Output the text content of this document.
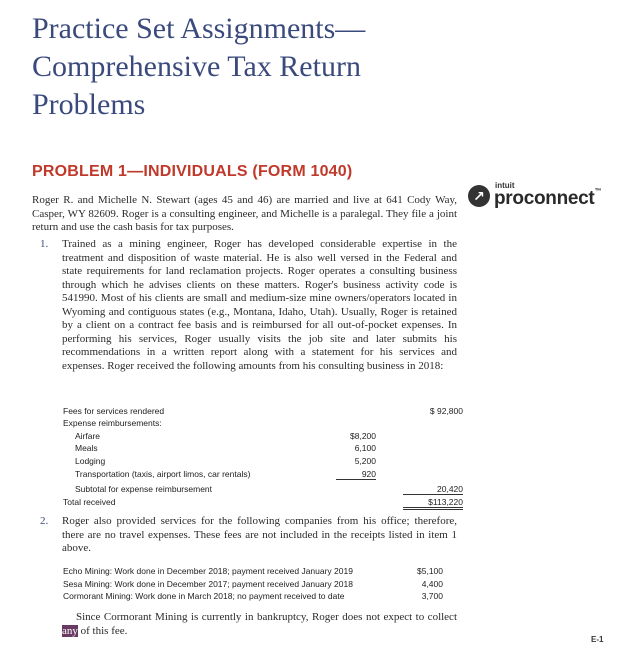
Practice Set Assignments—
Comprehensive Tax Return
Problems
PROBLEM 1—INDIVIDUALS (FORM 1040)
↗
intuit
proconnect™
Roger R. and Michelle N. Stewart (ages 45 and 46) are married and live at 641 Cody Way, Casper, WY 82609. Roger is a consulting engineer, and Michelle is a paralegal. They file a joint return and use the cash basis for tax purposes.
1.	Trained as a mining engineer, Roger has developed considerable expertise in the treatment and disposition of waste material. He is also well versed in the Federal and state requirements for land reclamation projects. Roger operates a consulting business through which he advises clients on these matters. Roger's business activity code is 541990. Most of his clients are small and medium-size mine owners/operators located in Wyoming and contiguous states (e.g., Montana, Idaho, Utah). Usually, Roger is retained by a client on a contract fee basis and is reimbursed for all out-of-pocket expenses. In performing his services, Roger usually visits the job site and later submits his recommendations in a written report along with a statement for his services and expenses. Roger received the following amounts from his consulting business in 2018:
Fees for services rendered	$ 92,800
Expense reimbursements:
Airfare	$8,200
Meals	6,100
Lodging	5,200
Transportation (taxis, airport limos, car rentals)	920
Subtotal for expense reimbursement	20,420
Total received	$113,220
2.	Roger also provided services for the following companies from his office; therefore, there are no travel expenses. These fees are not included in the receipts listed in item 1 above.
Echo Mining: Work done in December 2018; payment received January 2019	$5,100
Sesa Mining: Work done in December 2017; payment received January 2018	4,400
Cormorant Mining: Work done in March 2018; no payment received to date	3,700
Since Cormorant Mining is currently in bankruptcy, Roger does not expect to collect any of this fee.
E-1
